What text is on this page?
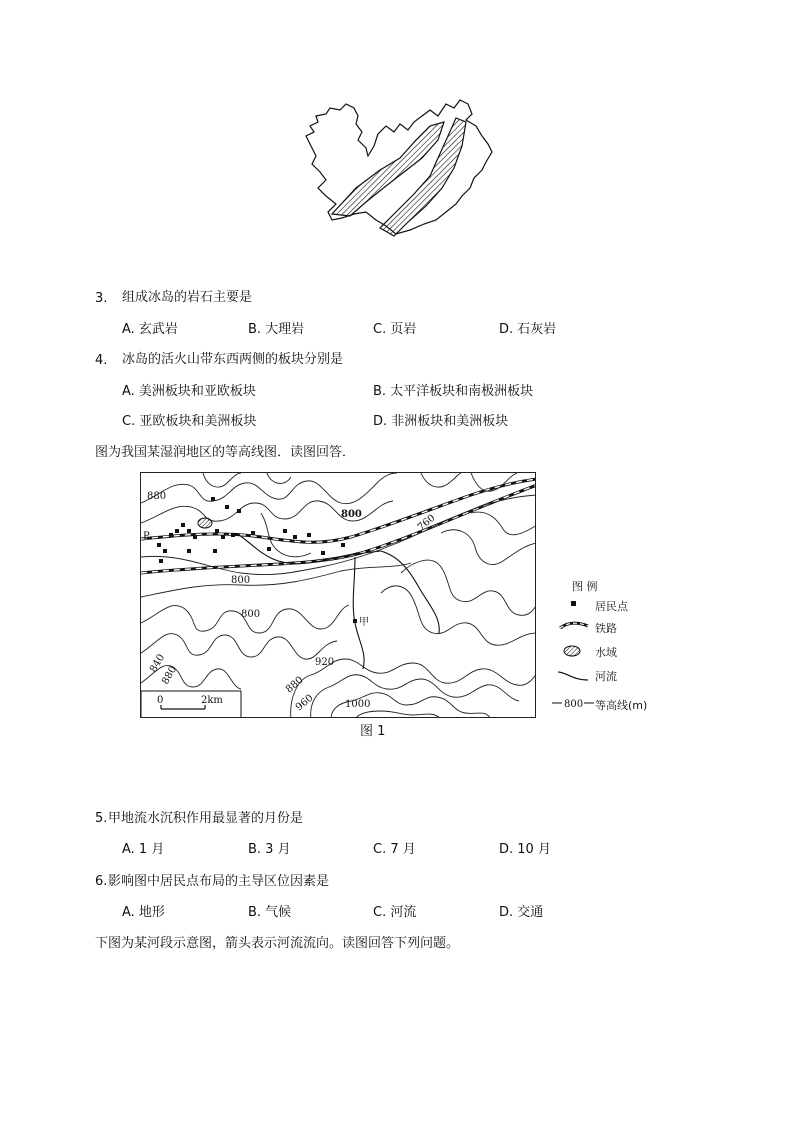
3. 组成冰岛的岩石主要是
A. 玄武岩	B. 大理岩	C. 页岩	D. 石灰岩
4. 冰岛的活火山带东西两侧的板块分别是
A. 美洲板块和亚欧板块	B. 太平洋板块和南极洲板块
C. 亚欧板块和美洲板块	D. 非洲板块和美洲板块
图为我国某湿润地区的等高线图．读图回答．
0	2km
880
800	760
800
800
840
880
920
880
960	1000
P
甲
图 例
居民点
铁路
水域
河流
800 等高线(m)
图 1
5. 甲地流水沉积作用最显著的月份是
A. 1 月	B. 3 月	C. 7 月	D. 10 月
6. 影响图中居民点布局的主导区位因素是
A. 地形	B. 气候	C. 河流	D. 交通
下图为某河段示意图，箭头表示河流流向。读图回答下列问题。
